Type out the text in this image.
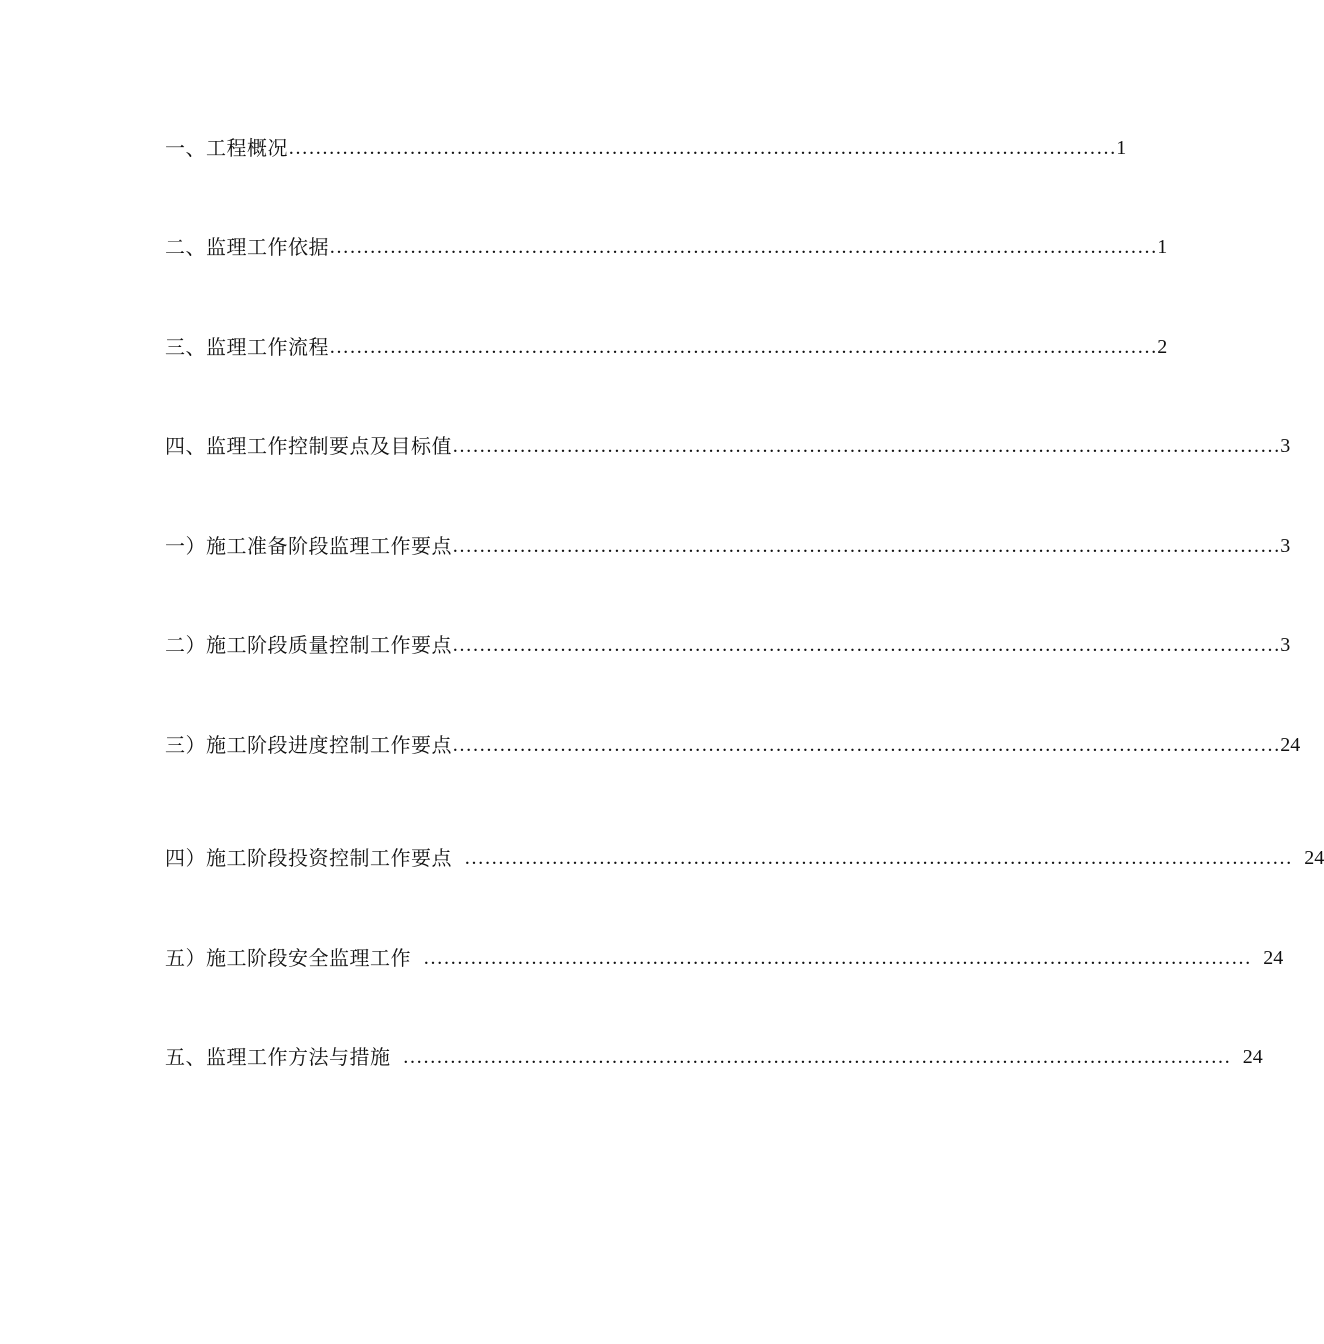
一、工程概况 …………………………………………………………………………………………………………… 1
二、监理工作依据 …………………………………………………………………………………………………………… 1
三、监理工作流程 …………………………………………………………………………………………………………… 2
四、监理工作控制要点及目标值 …………………………………………………………………………………………………………… 3
一）施工准备阶段监理工作要点 …………………………………………………………………………………………………………… 3
二）施工阶段质量控制工作要点 …………………………………………………………………………………………………………… 3
三）施工阶段进度控制工作要点 …………………………………………………………………………………………………………… 24
四）施工阶段投资控制工作要点 …………………………………………………………………………………………………………… 24
五）施工阶段安全监理工作 …………………………………………………………………………………………………………… 24
五、监理工作方法与措施 …………………………………………………………………………………………………………… 24
